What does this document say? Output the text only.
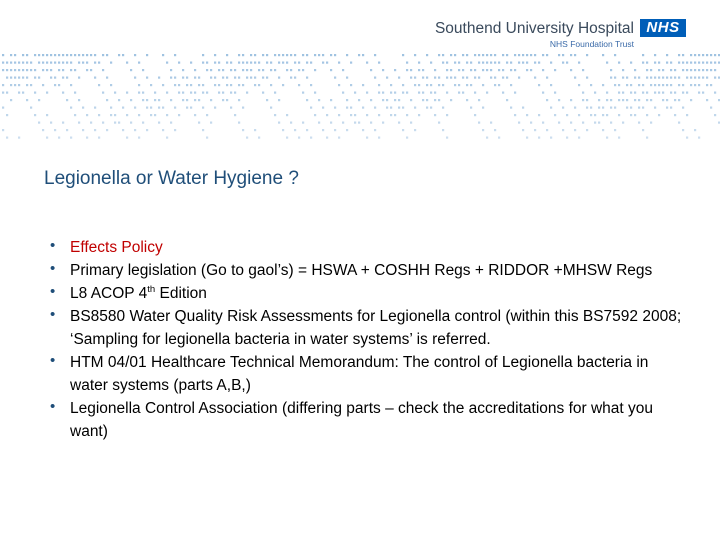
Southend University Hospital
NHS Foundation Trust
NHS
Legionella or Water Hygiene ?
• Effects Policy
• Primary legislation (Go to gaol’s) = HSWA + COSHH Regs + RIDDOR +MHSW Regs
• L8 ACOP 4th Edition
• BS8580 Water Quality Risk Assessments for Legionella control (within this BS7592 2008; ‘Sampling for legionella bacteria in water systems’ is referred.
• HTM 04/01 Healthcare Technical Memorandum: The control of Legionella bacteria in water systems (parts A,B,)
• Legionella Control Association (differing parts – check the accreditations for what you want)
